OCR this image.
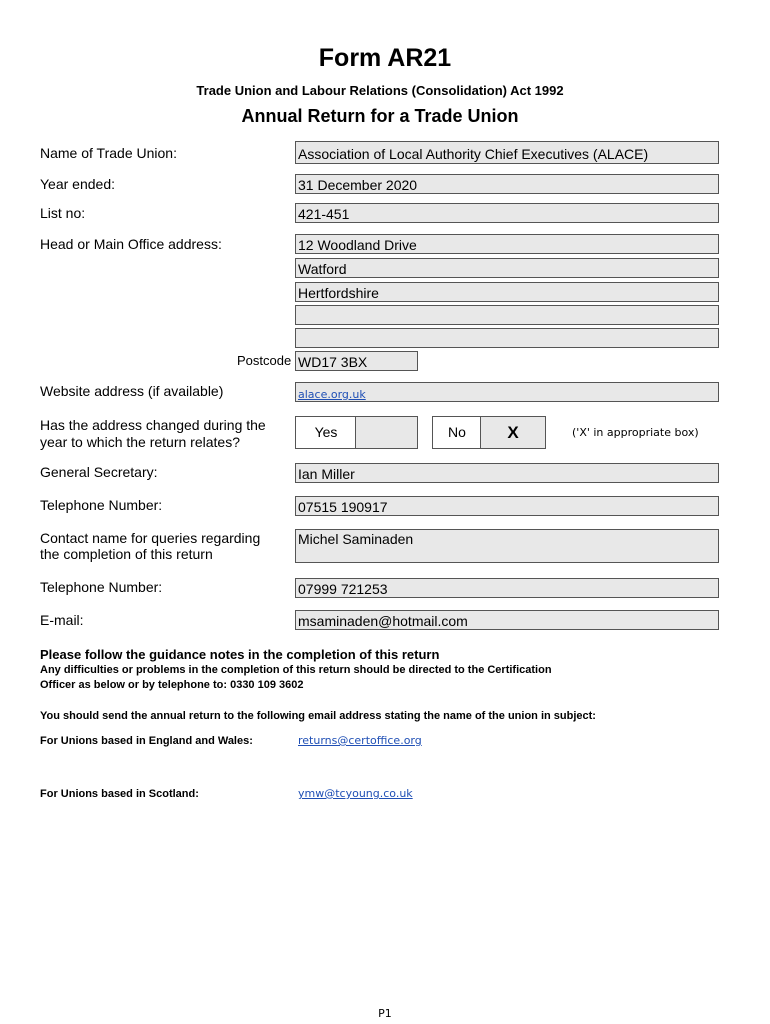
Form AR21
Trade Union and Labour Relations (Consolidation) Act 1992
Annual Return for a Trade Union
Name of Trade Union:	Association of Local Authority Chief Executives (ALACE)
Year ended:	31 December 2020
List no:	421-451
Head or Main Office address:	12 Woodland Drive
Watford
Hertfordshire
Postcode WD17 3BX
Website address (if available)	alace.org.uk
Has the address changed during the
year to which the return relates?
Yes	No	X	('X' in appropriate box)
General Secretary:	Ian Miller
Telephone Number:	07515 190917
Contact name for queries regarding
the completion of this return
Michel Saminaden
Telephone Number:	07999 721253
E-mail:	msaminaden@hotmail.com
Please follow the guidance notes in the completion of this return
Any difficulties or problems in the completion of this return should be directed to the Certification
Officer as below or by telephone to: 0330 109 3602
You should send the annual return to the following email address stating the name of the union in subject:
For Unions based in England and Wales:	returns@certoffice.org
For Unions based in Scotland:	ymw@tcyoung.co.uk
P1
